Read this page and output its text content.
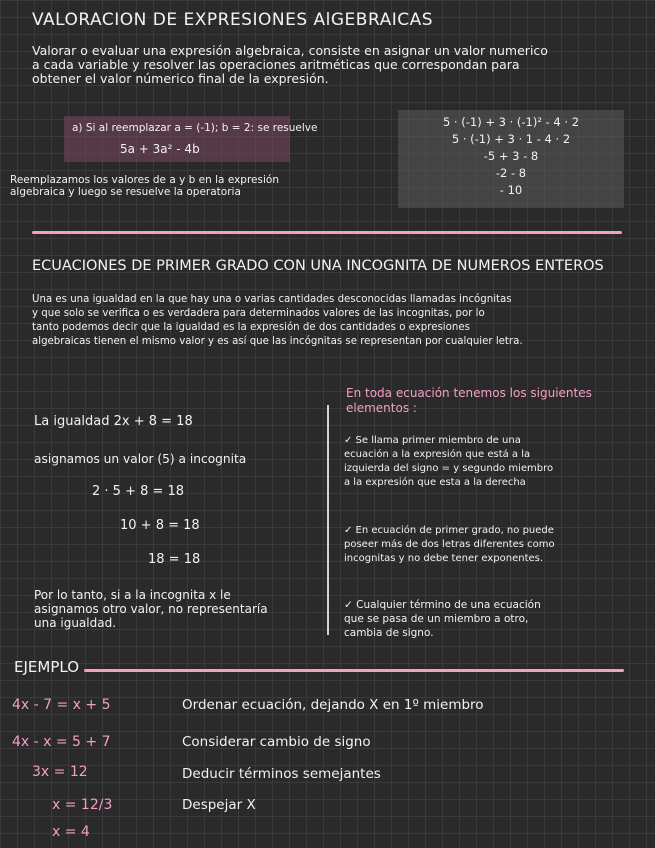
VALORACION DE EXPRESIONES AlGEBRAICAS
Valorar o evaluar una expresión algebraica, consiste en asignar un valor numerico
a cada variable y resolver las operaciones aritméticas que correspondan para
obtener el valor númerico final de la expresión.
a) Si al reemplazar a = (-1); b = 2: se resuelve
5a + 3a² - 4b
Reemplazamos los valores de a y b en la expresión
algebraica y luego se resuelve la operatoria
5 · (-1) + 3 · (-1)² - 4 · 2
5 · (-1) + 3 · 1 - 4 · 2
-5 + 3 - 8
-2 - 8
- 10
ECUACIONES DE PRIMER GRADO CON UNA INCOGNITA DE NUMEROS ENTEROS
Una es una igualdad en la que hay una o varias cantidades desconocidas llamadas incógnitas
y que solo se verifica o es verdadera para determinados valores de las incognitas, por lo
tanto podemos decir que la igualdad es la expresión de dos cantidades o expresiones
algebraicas tienen el mismo valor y es así que las incógnitas se representan por cualquier letra.
La igualdad 2x + 8 = 18
asignamos un valor (5) a incognita
2 · 5 + 8 = 18
10 + 8 = 18
18 = 18
Por lo tanto, si a la incognita x le
asignamos otro valor, no representaría
una igualdad.
En toda ecuación tenemos los siguientes
elementos :
✓ Se llama primer miembro de una
ecuación a la expresión que está a la
izquierda del signo = y segundo miembro
a la expresión que esta a la derecha
✓ En ecuación de primer grado, no puede
poseer más de dos letras diferentes como
incognitas y no debe tener exponentes.
✓ Cualquier término de una ecuación
que se pasa de un miembro a otro,
cambia de signo.
EJEMPLO
4x - 7 = x + 5	Ordenar ecuación, dejando X en 1º miembro
4x - x = 5 + 7	Considerar cambio de signo
3x = 12	Deducir términos semejantes
x = 12/3	Despejar X
x = 4
